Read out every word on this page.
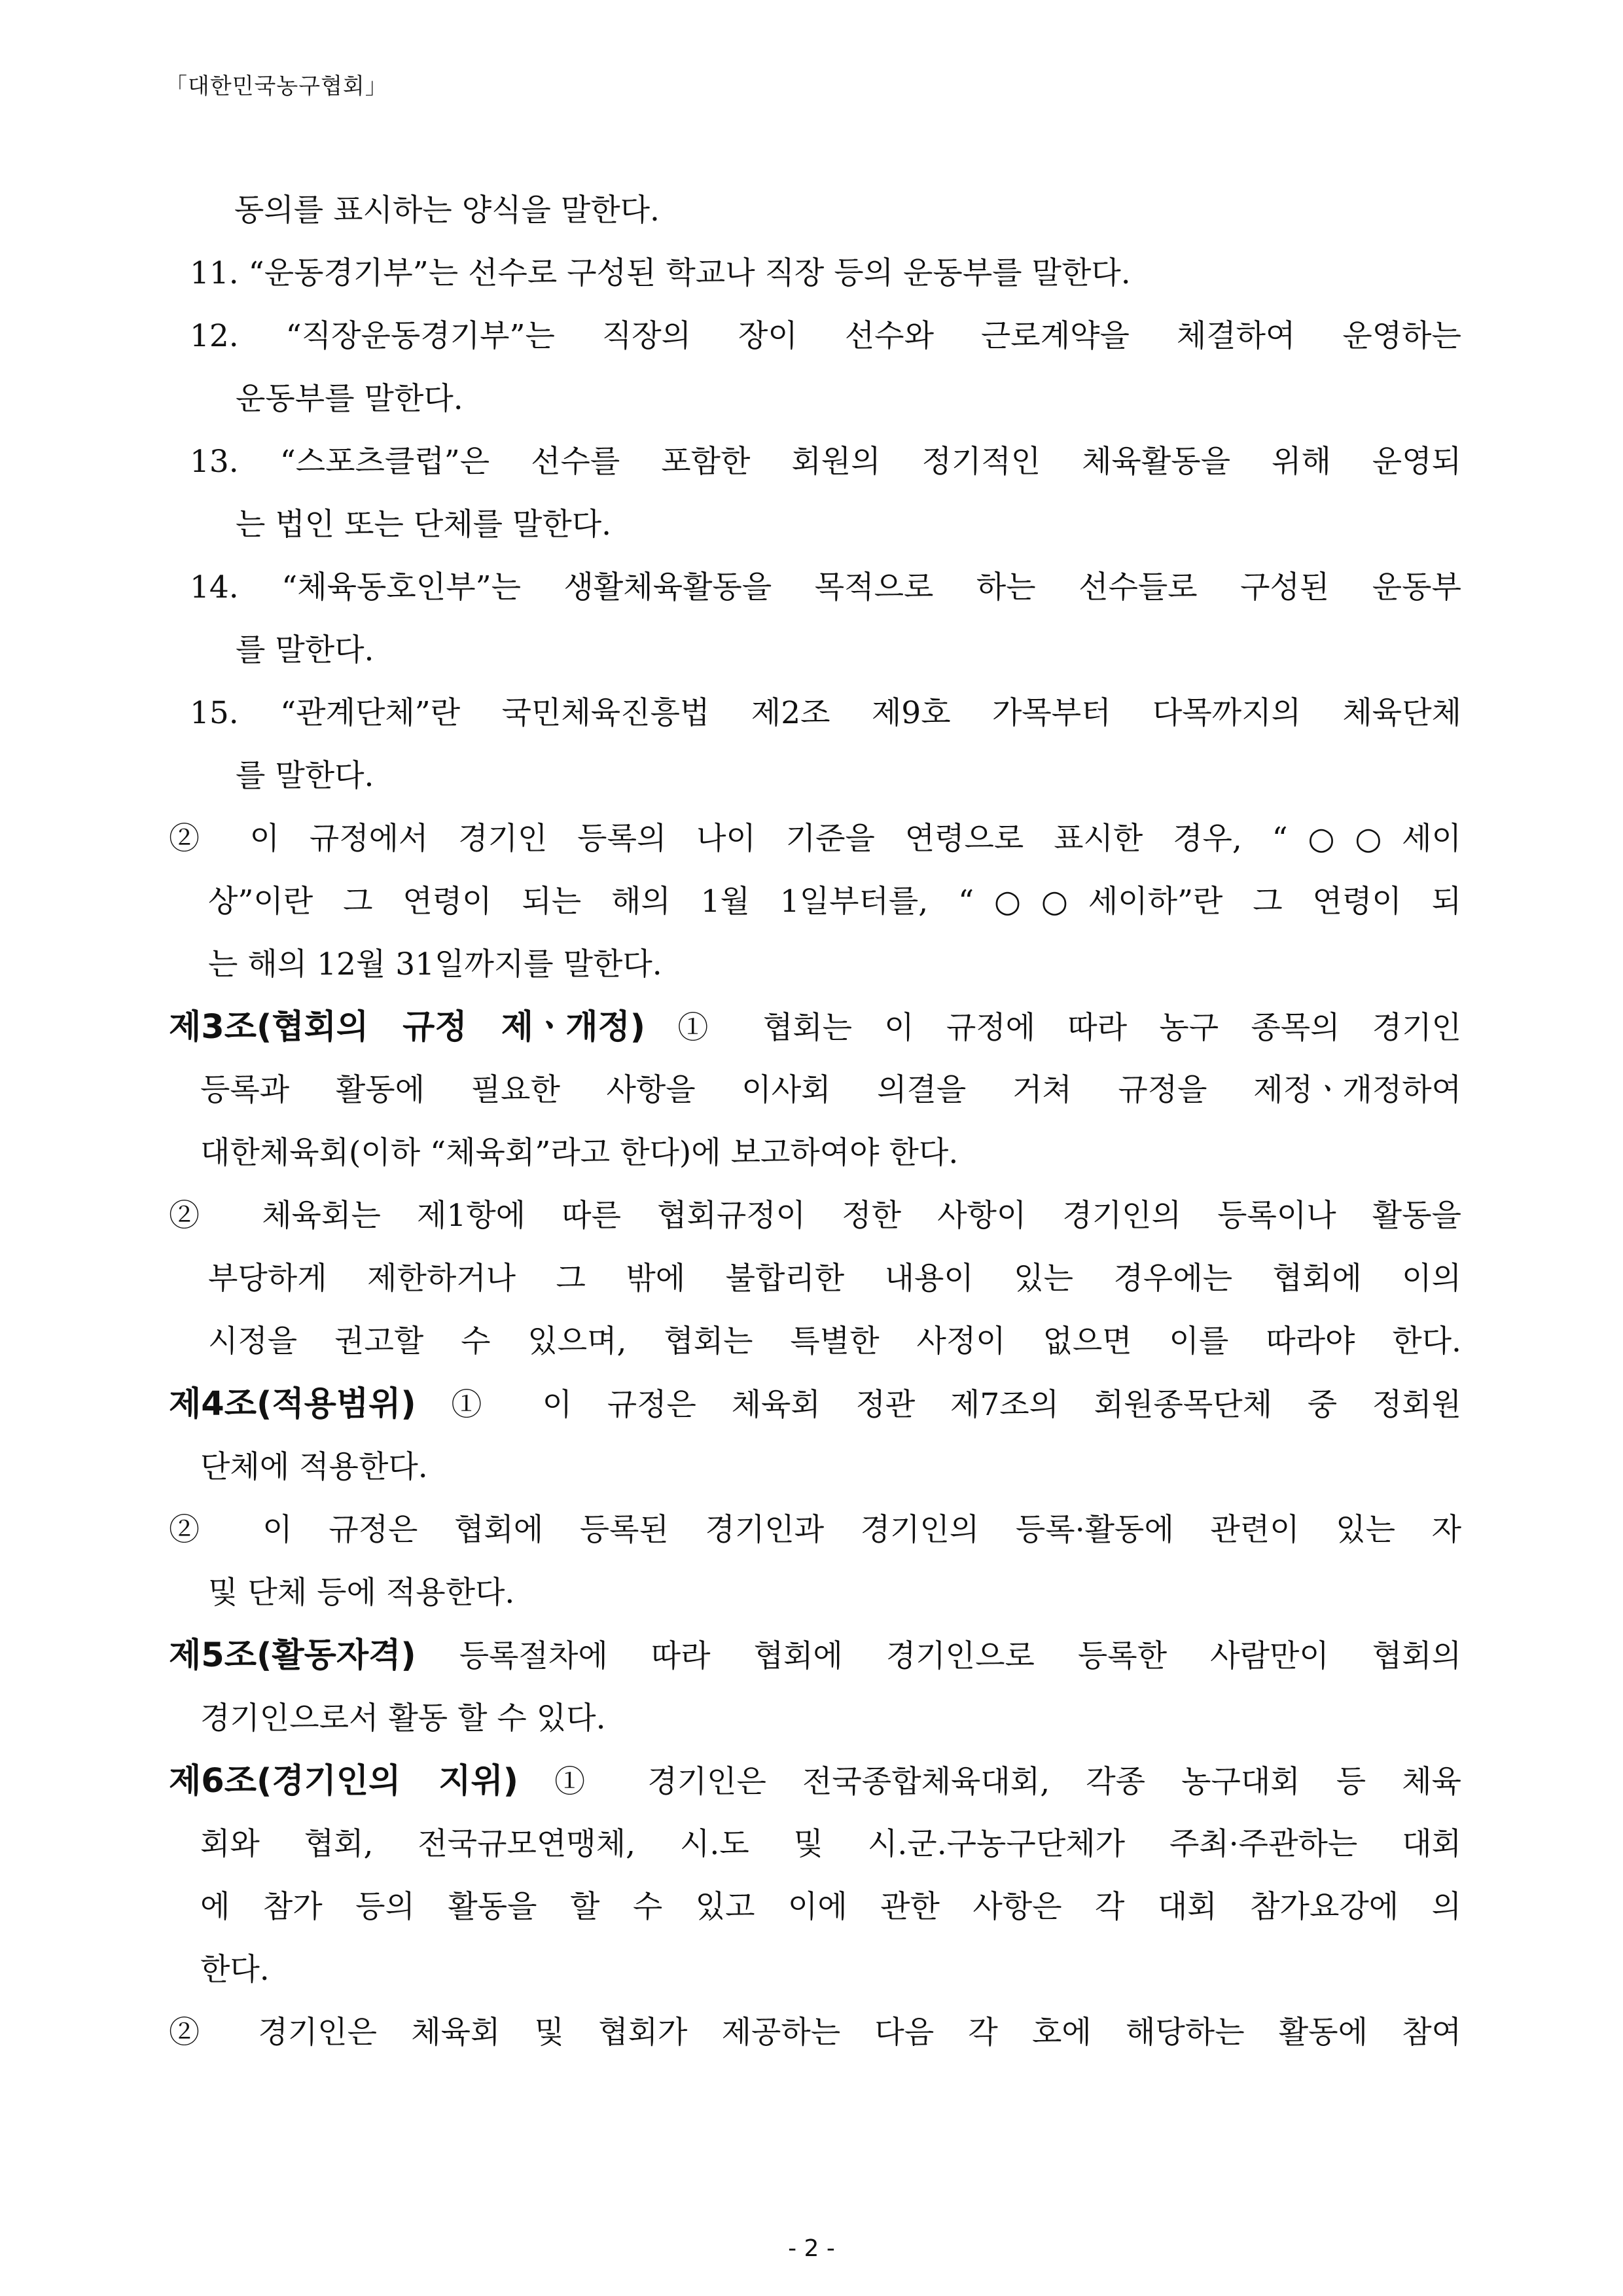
「대한민국농구협회」
동의를 표시하는 양식을 말한다.
11. “운동경기부”는 선수로 구성된 학교나 직장 등의 운동부를 말한다.
12. “직장운동경기부”는 직장의 장이 선수와 근로계약을 체결하여 운영하는
운동부를 말한다.
13. “스포츠클럽”은 선수를 포함한 회원의 정기적인 체육활동을 위해 운영되
는 법인 또는 단체를 말한다.
14. “체육동호인부”는 생활체육활동을 목적으로 하는 선수들로 구성된 운동부
를 말한다.
15. “관계단체”란 국민체육진흥법 제2조 제9호 가목부터 다목까지의 체육단체
를 말한다.
② 이 규정에서 경기인 등록의 나이 기준을 연령으로 표시한 경우, “○○세이
상”이란 그 연령이 되는 해의 1월 1일부터를, “○○세이하”란 그 연령이 되
는 해의 12월 31일까지를 말한다.
제3조(협회의 규정 제ㆍ개정) ① 협회는 이 규정에 따라 농구 종목의 경기인
등록과 활동에 필요한 사항을 이사회 의결을 거쳐 규정을 제정ㆍ개정하여
대한체육회(이하 “체육회”라고 한다)에 보고하여야 한다.
② 체육회는 제1항에 따른 협회규정이 정한 사항이 경기인의 등록이나 활동을
부당하게 제한하거나 그 밖에 불합리한 내용이 있는 경우에는 협회에 이의
시정을 권고할 수 있으며, 협회는 특별한 사정이 없으면 이를 따라야 한다.
제4조(적용범위) ① 이 규정은 체육회 정관 제7조의 회원종목단체 중 정회원
단체에 적용한다.
② 이 규정은 협회에 등록된 경기인과 경기인의 등록·활동에 관련이 있는 자
및 단체 등에 적용한다.
제5조(활동자격) 등록절차에 따라 협회에 경기인으로 등록한 사람만이 협회의
경기인으로서 활동 할 수 있다.
제6조(경기인의 지위) ① 경기인은 전국종합체육대회, 각종 농구대회 등 체육
회와 협회, 전국규모연맹체, 시.도 및 시.군.구농구단체가 주최·주관하는 대회
에 참가 등의 활동을 할 수 있고 이에 관한 사항은 각 대회 참가요강에 의
한다.
② 경기인은 체육회 및 협회가 제공하는 다음 각 호에 해당하는 활동에 참여
- 2 -
